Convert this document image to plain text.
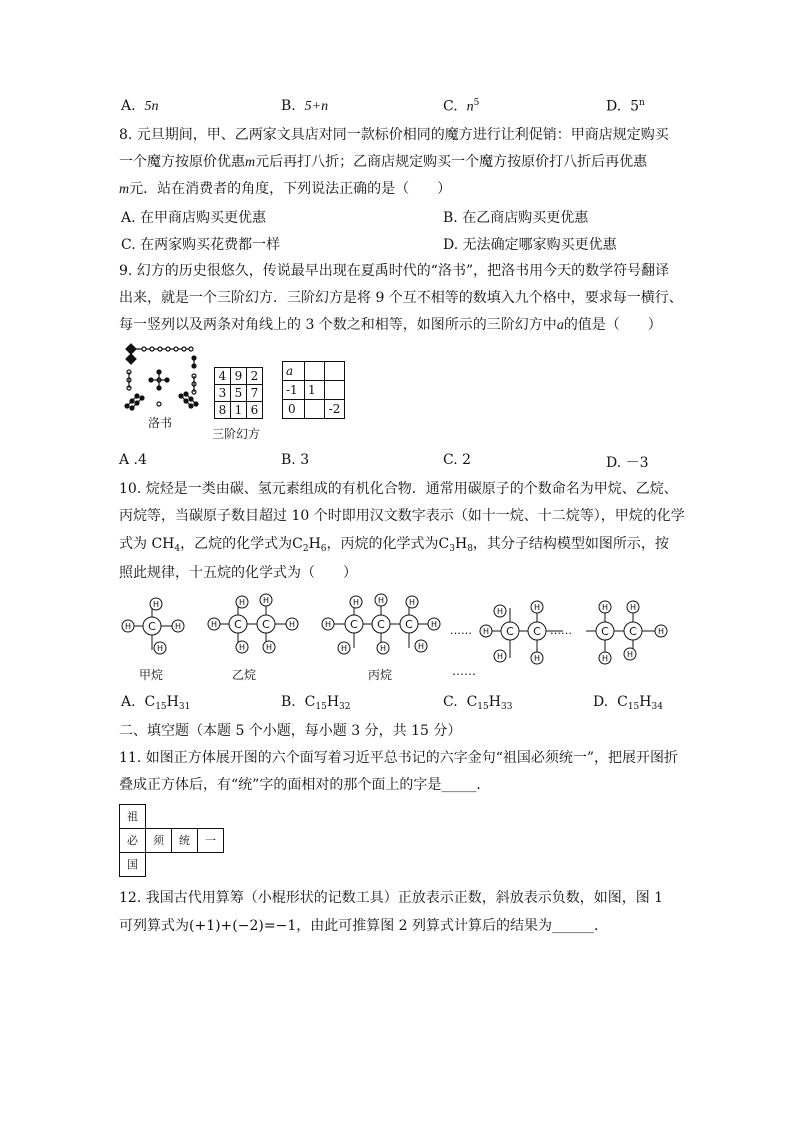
A. 5n	B. 5+n	C. $n^5$	D. 5$^n$
8. 元旦期间，甲、乙两家文具店对同一款标价相同的魔方进行让利促销：甲商店规定购买
一个魔方按原价优惠m元后再打八折；乙商店规定购买一个魔方按原价打八折后再优惠
m元．站在消费者的角度，下列说法正确的是（　　）
A. 在甲商店购买更优惠	B. 在乙商店购买更优惠
C. 在两家购买花费都一样	D. 无法确定哪家购买更优惠
9. 幻方的历史很悠久，传说最早出现在夏禹时代的“洛书”，把洛书用今天的数学符号翻译
出来，就是一个三阶幻方．三阶幻方是将 9 个互不相等的数填入九个格中，要求每一横行、
每一竖列以及两条对角线上的 3 个数之和相等，如图所示的三阶幻方中a的值是（　　）
洛书
4	9	2
3	5	7
8	1	6
三阶幻方
a		
-1	1	
0		-2
A .4	B. 3	C. 2	D. －3
10. 烷烃是一类由碳、氢元素组成的有机化合物．通常用碳原子的个数命名为甲烷、乙烷、
丙烷等，当碳原子数目超过 10 个时即用汉文数字表示（如十一烷、十二烷等），甲烷的化学
式为 $CH_4$，乙烷的化学式为$C_2H_6$，丙烷的化学式为$C_3H_8$，其分子结构模型如图所示，按
照此规律，十五烷的化学式为（　　）
C
H	H
H
H
C C
H	H
H H
H	H
C C C
H	H
H H	H
H	H	H
……	C C
H
H	H
H	H
……	C C	H
H	H
H H
甲烷	乙烷	丙烷	……
A. $C_{15}H_{31}$	B. $C_{15}H_{32}$	C. $C_{15}H_{33}$	D. $C_{15}H_{34}$
二、填空题（本题 5 个小题，每小题 3 分，共 15 分）
11. 如图正方体展开图的六个面写着习近平总书记的六字金句“祖国必须统一”，把展开图折
叠成正方体后，有“统”字的面相对的那个面上的字是_____．
祖
必	须	统	一
国
12. 我国古代用算筹（小棍形状的记数工具）正放表示正数，斜放表示负数，如图，图 1
可列算式为(+1)+(−2)=−1，由此可推算图 2 列算式计算后的结果为______．
